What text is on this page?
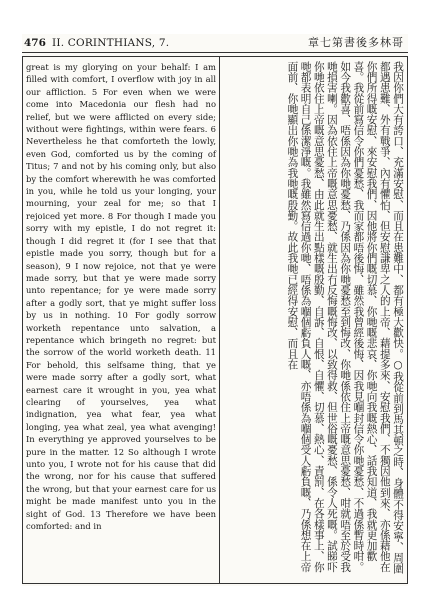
476 II. CORINTHIANS, 7.	章七第書後多林哥

great is my glorying on your behalf: I am filled with comfort, I overflow with joy in all our affliction. 5 For even when we were come into Macedonia our flesh had no relief, but we were afflicted on every side; without were fightings, within were fears. 6 Nevertheless he that comforteth the lowly, even God, comforted us by the coming of Titus; 7 and not by his coming only, but also by the comfort wherewith he was comforted in you, while he told us your longing, your mourning, your zeal for me; so that I rejoiced yet more. 8 For though I made you sorry with my epistle, I do not regret it: though I did regret it (for I see that that epistle made you sorry, though but for a season), 9 I now rejoice, not that ye were made sorry, but that ye were made sorry unto repentance; for ye were made sorry after a godly sort, that ye might suffer loss by us in nothing. 10 For godly sorrow worketh repentance unto salvation, a repentance which bringeth no regret: but the sorrow of the world worketh death. 11 For behold, this selfsame thing, that ye were made sorry after a godly sort, what earnest care it wrought in you, yea what clearing of yourselves, yea what indignation, yea what fear, yea what longing, yea what zeal, yea what avenging! In everything ye approved yourselves to be pure in the matter. 12 So although I wrote unto you, I wrote not for his cause that did the wrong, nor for his cause that suffered the wrong, but that your earnest care for us might be made manifest unto you in the sight of God. 13 Therefore we have been comforted: and in	我因你們大有誇口、充滿安慰、而且在患難中、都有極大歡快。○我從前到馬其頓之時、身體不得安寧、周圍都遇患難、外有戰爭、內有懼怕、但安慰謙卑之人的上帝、藉提多來、安慰我們、不獨因他到來、亦係藉他在你們所得嘅安慰、來安慰我們、因他將你們嘅切慕、你哋嘅悲哀、你哋向我嘅熱心、話我知道、我就更加歡喜。我從前寫信令你們憂愁、我而家都唔後悔、雖然我曾經後悔、因我見嗰封信令你哋憂愁、不過係暫時咁。如今我歡喜、唔係因為你哋憂愁、乃係因為你哋憂愁至到悔改、你哋係依住上帝嘅意思憂愁、咁就唔至於受我哋損害喇。因為依住上帝嘅意思憂愁、就生出冇反悔嘅悔改、以致得救、但世俗嘅憂愁、係令人死嘅。試睇吓你哋依住上帝嘅意思憂愁、由此就生出點樣嘅殷勤、自訴、自恨、自懼、切慕、熱心、責罰、在各樣事上、你哋都表明自己係潔淨嘅。我雖然寫信過你哋、唔係為嗰個虧負人嘅、亦唔係為嗰個受人虧負嘅、乃係想在上帝面前、你哋顯出你哋為我哋嘅殷勤。故此我哋已經得安慰、而且在
